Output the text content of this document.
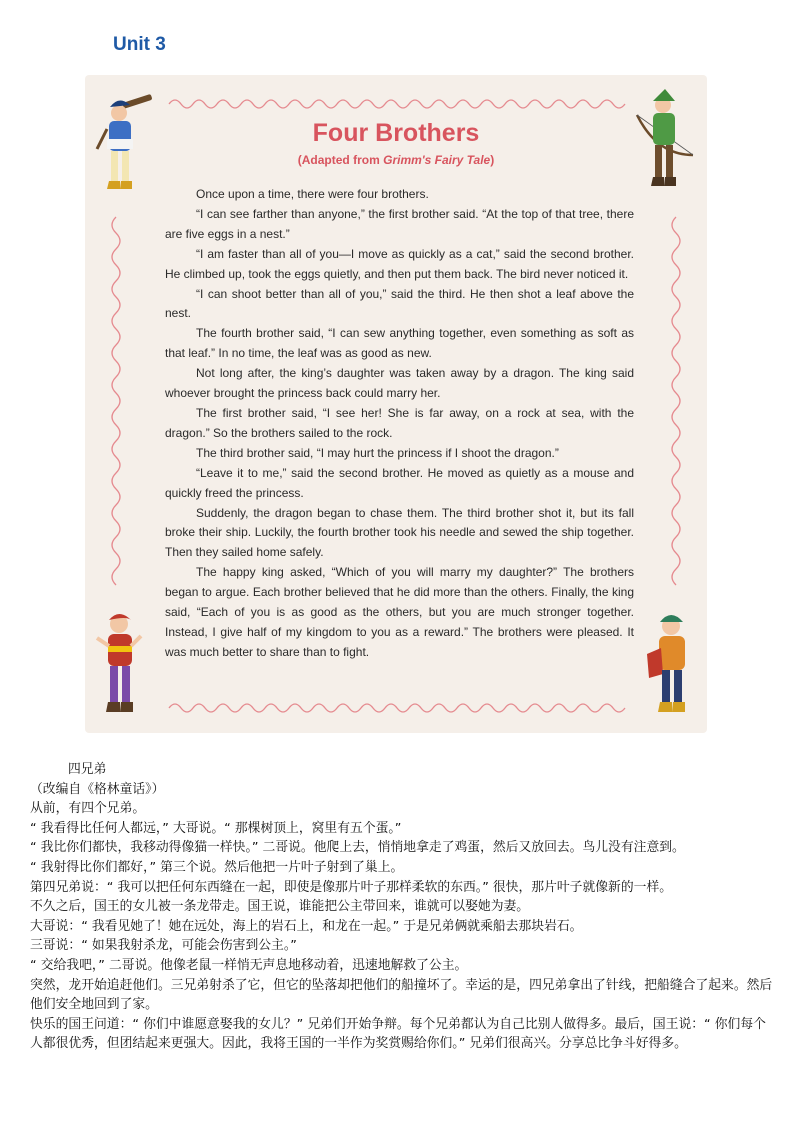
Unit 3
Four Brothers
(Adapted from Grimm's Fairy Tale)

Once upon a time, there were four brothers.

“I can see farther than anyone,” the first brother said. “At the top of that tree, there are five eggs in a nest.”

“I am faster than all of you—I move as quickly as a cat,” said the second brother. He climbed up, took the eggs quietly, and then put them back. The bird never noticed it.

“I can shoot better than all of you,” said the third. He then shot a leaf above the nest.

The fourth brother said, “I can sew anything together, even something as soft as that leaf.” In no time, the leaf was as good as new.

Not long after, the king’s daughter was taken away by a dragon. The king said whoever brought the princess back could marry her.

The first brother said, “I see her! She is far away, on a rock at sea, with the dragon.” So the brothers sailed to the rock.

The third brother said, “I may hurt the princess if I shoot the dragon.”

“Leave it to me,” said the second brother. He moved as quietly as a mouse and quickly freed the princess.

Suddenly, the dragon began to chase them. The third brother shot it, but its fall broke their ship. Luckily, the fourth brother took his needle and sewed the ship together. Then they sailed home safely.

The happy king asked, “Which of you will marry my daughter?” The brothers began to argue. Each brother believed that he did more than the others. Finally, the king said, “Each of you is as good as the others, but you are much stronger together. Instead, I give half of my kingdom to you as a reward.” The brothers were pleased. It was much better to share than to fight.

四兄弟
（改编自《格林童话》）
从前，有四个兄弟。
“ 我看得比任何人都远，” 大哥说。“ 那棵树顶上，窝里有五个蛋。”
“ 我比你们都快，我移动得像猫一样快。” 二哥说。他爬上去，悄悄地拿走了鸡蛋，然后又放回去。鸟儿没有注意到。
“ 我射得比你们都好，” 第三个说。然后他把一片叶子射到了巢上。
第四兄弟说：“ 我可以把任何东西缝在一起，即使是像那片叶子那样柔软的东西。” 很快，那片叶子就像新的一样。
不久之后，国王的女儿被一条龙带走。国王说，谁能把公主带回来，谁就可以娶她为妻。
大哥说：“ 我看见她了！她在远处，海上的岩石上，和龙在一起。” 于是兄弟俩就乘船去那块岩石。
三哥说：“ 如果我射杀龙，可能会伤害到公主。”
“ 交给我吧，” 二哥说。他像老鼠一样悄无声息地移动着，迅速地解救了公主。
突然，龙开始追赶他们。三兄弟射杀了它，但它的坠落却把他们的船撞坏了。幸运的是，四兄弟拿出了针线，把船缝合了起来。然后他们安全地回到了家。
快乐的国王问道：“ 你们中谁愿意娶我的女儿？” 兄弟们开始争辩。每个兄弟都认为自己比别人做得多。最后，国王说：“ 你们每个人都很优秀，但团结起来更强大。因此，我将王国的一半作为奖赏赐给你们。” 兄弟们很高兴。分享总比争斗好得多。
